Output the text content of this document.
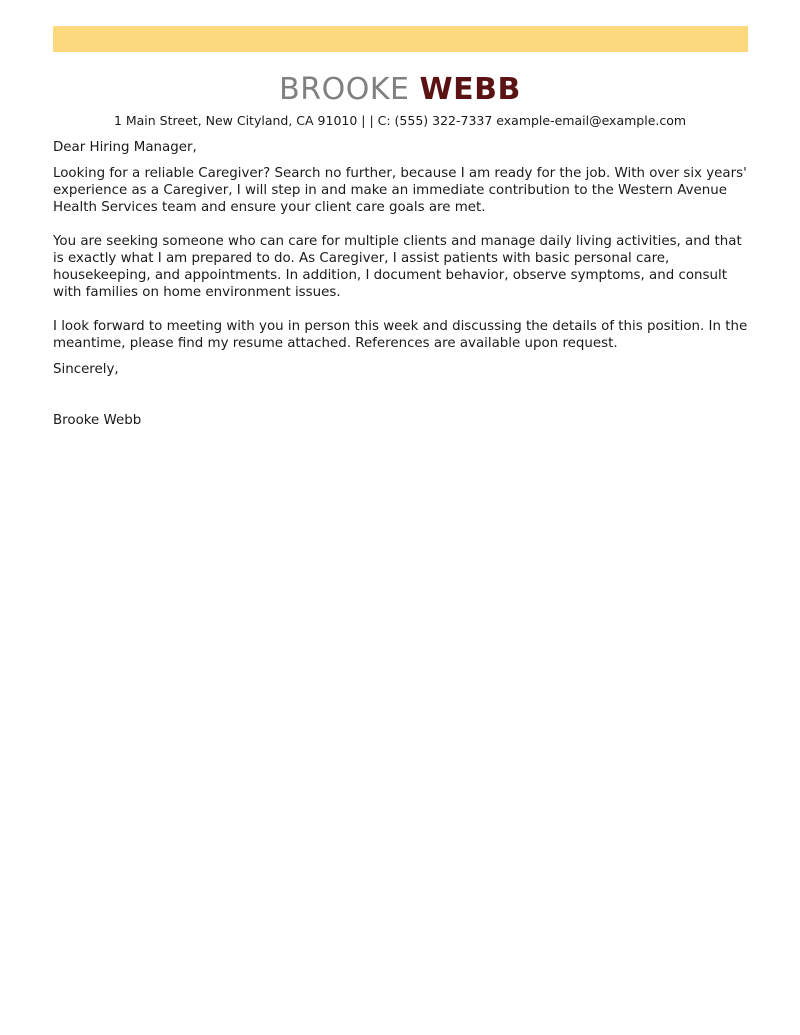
BROOKE WEBB
1 Main Street, New Cityland, CA 91010 | | C: (555) 322-7337 example-email@example.com

Dear Hiring Manager,

Looking for a reliable Caregiver? Search no further, because I am ready for the job. With over six years' experience as a Caregiver, I will step in and make an immediate contribution to the Western Avenue Health Services team and ensure your client care goals are met.

You are seeking someone who can care for multiple clients and manage daily living activities, and that is exactly what I am prepared to do. As Caregiver, I assist patients with basic personal care, housekeeping, and appointments. In addition, I document behavior, observe symptoms, and consult with families on home environment issues.

I look forward to meeting with you in person this week and discussing the details of this position. In the meantime, please find my resume attached. References are available upon request.

Sincerely,

Brooke Webb
